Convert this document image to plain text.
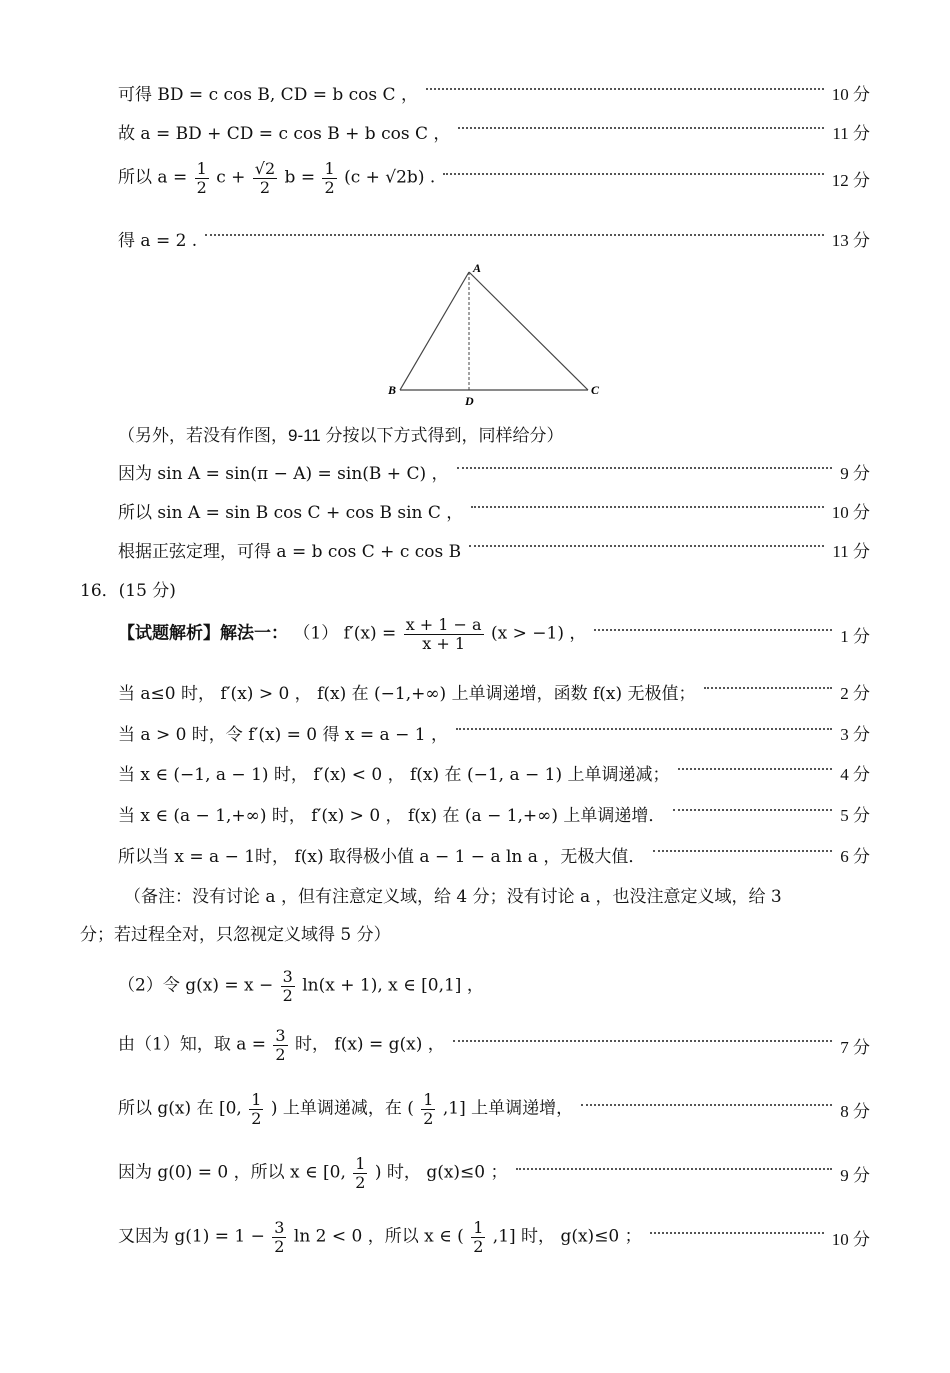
可得 BD = c cos B, CD = b cos C ，	10 分
故 a = BD + CD = c cos B + b cos C ，	11 分
所以 $a = \frac{1}{2}$ $c + \frac{√2}{2}$ $b = \frac{1}{2} (c + √2b)$ .	12 分
得 a = 2 .	13 分
A
B	C
D
（另外，若没有作图，9-11 分按以下方式得到，同样给分）
因为 sin A = sin(π − A) = sin(B + C) ，	9 分
所以 sin A = sin B cos C + cos B sin C ，	10 分
根据正弦定理，可得 a = b cos C + c cos B	11 分
16．(15 分)
【试题解析】解法一： （1） $f'(x) = \frac{x + 1 - a}{x + 1} (x > -1)$ ，	1 分
当 a≤0 时， f′(x) > 0 ， f(x) 在 (−1,+∞) 上单调递增，函数 f(x) 无极值；	2 分
当 a > 0 时，令 f′(x) = 0 得 x = a − 1 ，	3 分
当 x ∈ (−1, a − 1) 时， f′(x) < 0 ， f(x) 在 (−1, a − 1) 上单调递减；	4 分
当 x ∈ (a − 1,+∞) 时， f′(x) > 0 ， f(x) 在 (a − 1,+∞) 上单调递增．	5 分
所以当 x = a − 1时， f(x) 取得极小值 a − 1 − a ln a ，无极大值．	6 分
（备注：没有讨论 a ，但有注意定义域，给 4 分；没有讨论 a ，也没注意定义域，给 3
分；若过程全对，只忽视定义域得 5 分）
（2）令 $g(x) = x - \frac{3}{2} \ln(x + 1)$, x ∈ [0,1] ，
由（1）知，取 $a = \frac{3}{2}$ 时， f(x) = g(x) ，	7 分
所以 g(x) 在 [0, $\frac{1}{2}$ ) 上单调递减，在 ( $\frac{1}{2} ,1$] 上单调递增，	8 分
因为 g(0) = 0 ，所以 x ∈ [0, $\frac{1}{2}$ ) 时， g(x)≤0 ；	9 分
又因为 $g(1) = 1 - \frac{3}{2}$ ln 2 < 0 ，所以 x ∈ ( $\frac{1}{2} ,1$] 时， g(x)≤0 ；	10 分
